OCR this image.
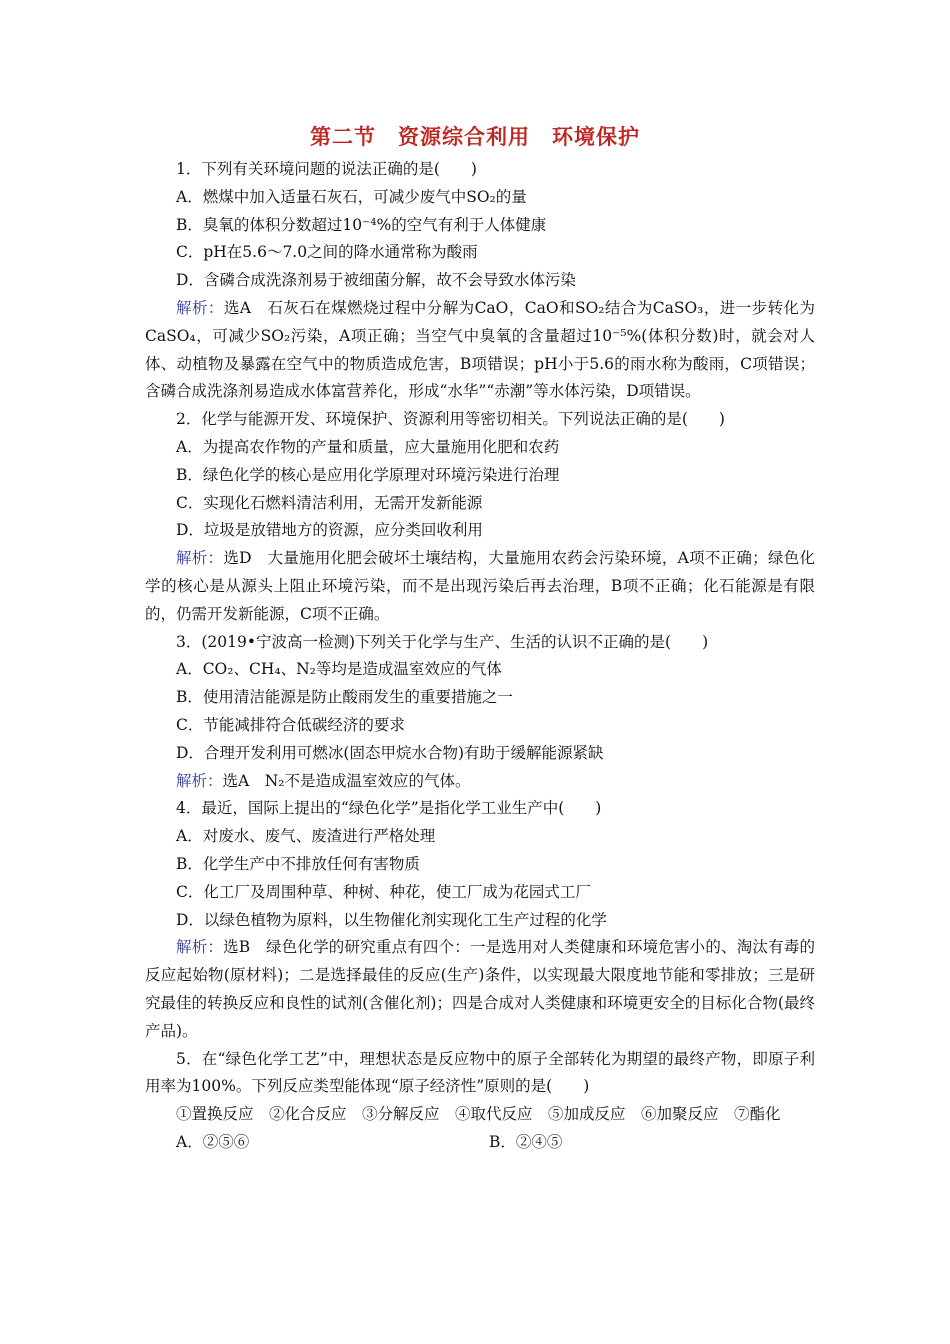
第二节　资源综合利用　环境保护
1．下列有关环境问题的说法正确的是(　　)
A．燃煤中加入适量石灰石，可减少废气中SO₂的量
B．臭氧的体积分数超过10⁻⁴%的空气有利于人体健康
C．pH在5.6～7.0之间的降水通常称为酸雨
D．含磷合成洗涤剂易于被细菌分解，故不会导致水体污染
解析：选A　石灰石在煤燃烧过程中分解为CaO，CaO和SO₂结合为CaSO₃，进一步转化为CaSO₄，可减少SO₂污染，A项正确；当空气中臭氧的含量超过10⁻⁵%(体积分数)时，就会对人体、动植物及暴露在空气中的物质造成危害，B项错误；pH小于5.6的雨水称为酸雨，C项错误；含磷合成洗涤剂易造成水体富营养化，形成“水华”“赤潮”等水体污染，D项错误。
2．化学与能源开发、环境保护、资源利用等密切相关。下列说法正确的是(　　)
A．为提高农作物的产量和质量，应大量施用化肥和农药
B．绿色化学的核心是应用化学原理对环境污染进行治理
C．实现化石燃料清洁利用，无需开发新能源
D．垃圾是放错地方的资源，应分类回收利用
解析：选D　大量施用化肥会破坏土壤结构，大量施用农药会污染环境，A项不正确；绿色化学的核心是从源头上阻止环境污染，而不是出现污染后再去治理，B项不正确；化石能源是有限的，仍需开发新能源，C项不正确。
3．(2019•宁波高一检测)下列关于化学与生产、生活的认识不正确的是(　　)
A．CO₂、CH₄、N₂等均是造成温室效应的气体
B．使用清洁能源是防止酸雨发生的重要措施之一
C．节能减排符合低碳经济的要求
D．合理开发利用可燃冰(固态甲烷水合物)有助于缓解能源紧缺
解析：选A　N₂不是造成温室效应的气体。
4．最近，国际上提出的“绿色化学”是指化学工业生产中(　　)
A．对废水、废气、废渣进行严格处理
B．化学生产中不排放任何有害物质
C．化工厂及周围种草、种树、种花，使工厂成为花园式工厂
D．以绿色植物为原料，以生物催化剂实现化工生产过程的化学
解析：选B　绿色化学的研究重点有四个：一是选用对人类健康和环境危害小的、淘汰有毒的反应起始物(原材料)；二是选择最佳的反应(生产)条件，以实现最大限度地节能和零排放；三是研究最佳的转换反应和良性的试剂(含催化剂)；四是合成对人类健康和环境更安全的目标化合物(最终产品)。
5．在“绿色化学工艺”中，理想状态是反应物中的原子全部转化为期望的最终产物，即原子利用率为100%。下列反应类型能体现“原子经济性”原则的是(　　)
①置换反应　②化合反应　③分解反应　④取代反应　⑤加成反应　⑥加聚反应　⑦酯化
A．②⑤⑥	B．②④⑤
